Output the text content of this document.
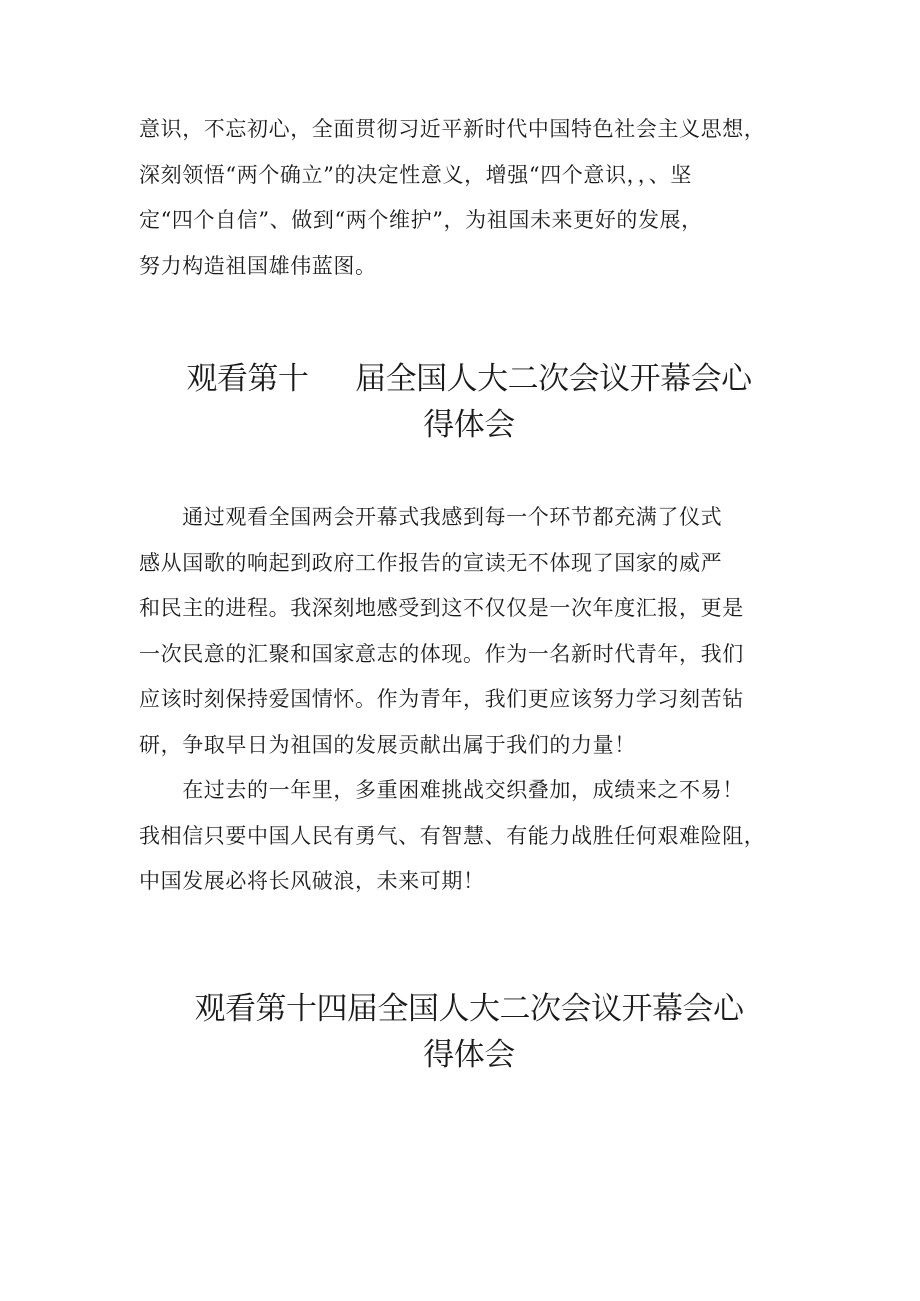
意识，不忘初心，全面贯彻习近平新时代中国特色社会主义思想，
深刻领悟“两个确立”的决定性意义，增强“四个意识，，、坚
定“四个自信”、做到“两个维护”，为祖国未来更好的发展，
努力构造祖国雄伟蓝图。
观看第十     届全国人大二次会议开幕会心
得体会
　　通过观看全国两会开幕式我感到每一个环节都充满了仪式
感从国歌的响起到政府工作报告的宣读无不体现了国家的威严
和民主的进程。我深刻地感受到这不仅仅是一次年度汇报，更是
一次民意的汇聚和国家意志的体现。作为一名新时代青年，我们
应该时刻保持爱国情怀。作为青年，我们更应该努力学习刻苦钻
研，争取早日为祖国的发展贡献出属于我们的力量！
　　在过去的一年里，多重困难挑战交织叠加，成绩来之不易！
我相信只要中国人民有勇气、有智慧、有能力战胜任何艰难险阻，
中国发展必将长风破浪，未来可期！
观看第十四届全国人大二次会议开幕会心
得体会
